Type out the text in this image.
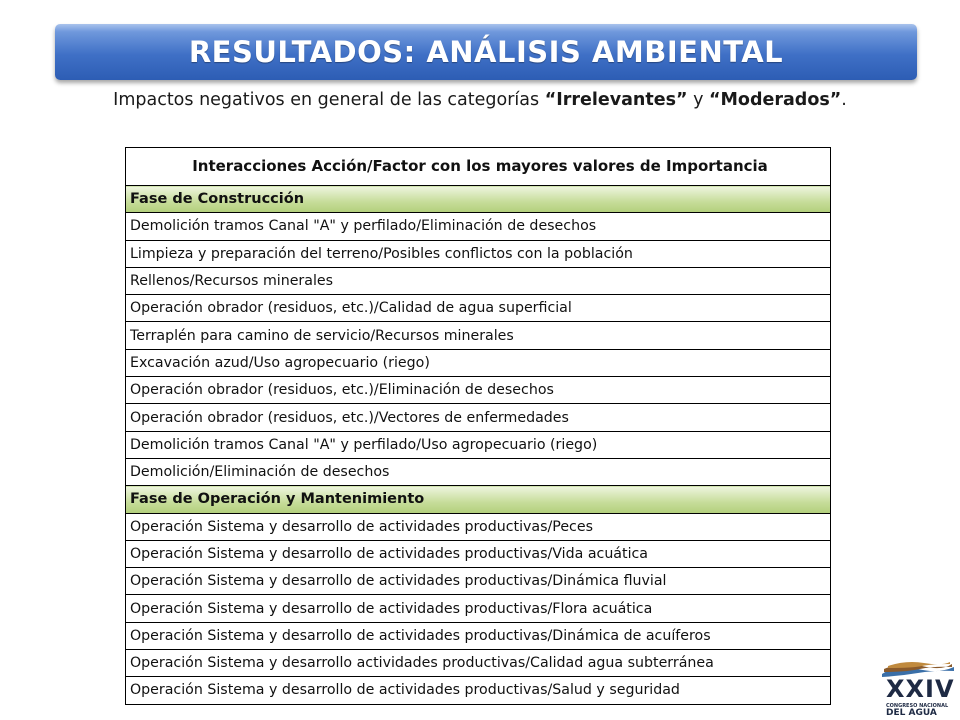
RESULTADOS: ANÁLISIS AMBIENTAL
Impactos negativos en general de las categorías “Irrelevantes” y “Moderados”.
Interacciones Acción/Factor con los mayores valores de Importancia
Fase de Construcción
Demolición tramos Canal "A" y perfilado/Eliminación de desechos
Limpieza y preparación del terreno/Posibles conflictos con la población
Rellenos/Recursos minerales
Operación obrador (residuos, etc.)/Calidad de agua superficial
Terraplén para camino de servicio/Recursos minerales
Excavación azud/Uso agropecuario (riego)
Operación obrador (residuos, etc.)/Eliminación de desechos
Operación obrador (residuos, etc.)/Vectores de enfermedades
Demolición tramos Canal "A" y perfilado/Uso agropecuario (riego)
Demolición/Eliminación de desechos
Fase de Operación y Mantenimiento
Operación Sistema y desarrollo de actividades productivas/Peces
Operación Sistema y desarrollo de actividades productivas/Vida acuática
Operación Sistema y desarrollo de actividades productivas/Dinámica fluvial
Operación Sistema y desarrollo de actividades productivas/Flora acuática
Operación Sistema y desarrollo de actividades productivas/Dinámica de acuíferos
Operación Sistema y desarrollo actividades productivas/Calidad agua subterránea
Operación Sistema y desarrollo de actividades productivas/Salud y seguridad	XXIV
CONGRESO NACIONAL
DEL AGUA
